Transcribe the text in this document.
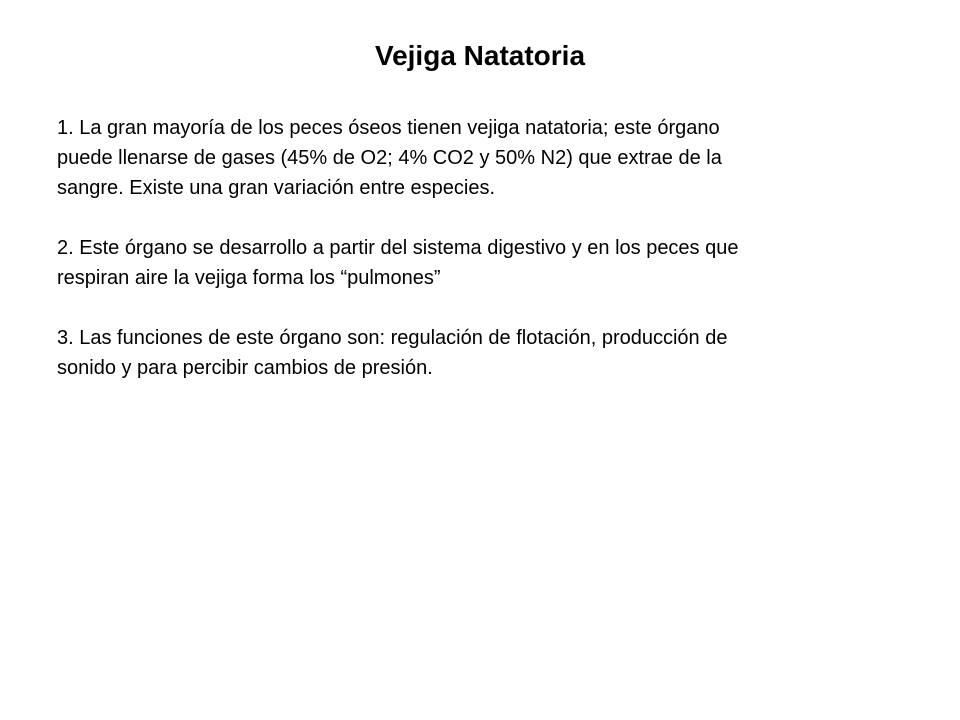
Vejiga Natatoria

1. La gran mayoría de los peces óseos tienen vejiga natatoria; este órgano
puede llenarse de gases (45% de O2; 4% CO2 y 50% N2) que extrae de la
sangre. Existe una gran variación entre especies.

2. Este órgano se desarrollo a partir del sistema digestivo y en los peces que
respiran aire la vejiga forma los “pulmones”

3. Las funciones de este órgano son: regulación de flotación, producción de
sonido y para percibir cambios de presión.
